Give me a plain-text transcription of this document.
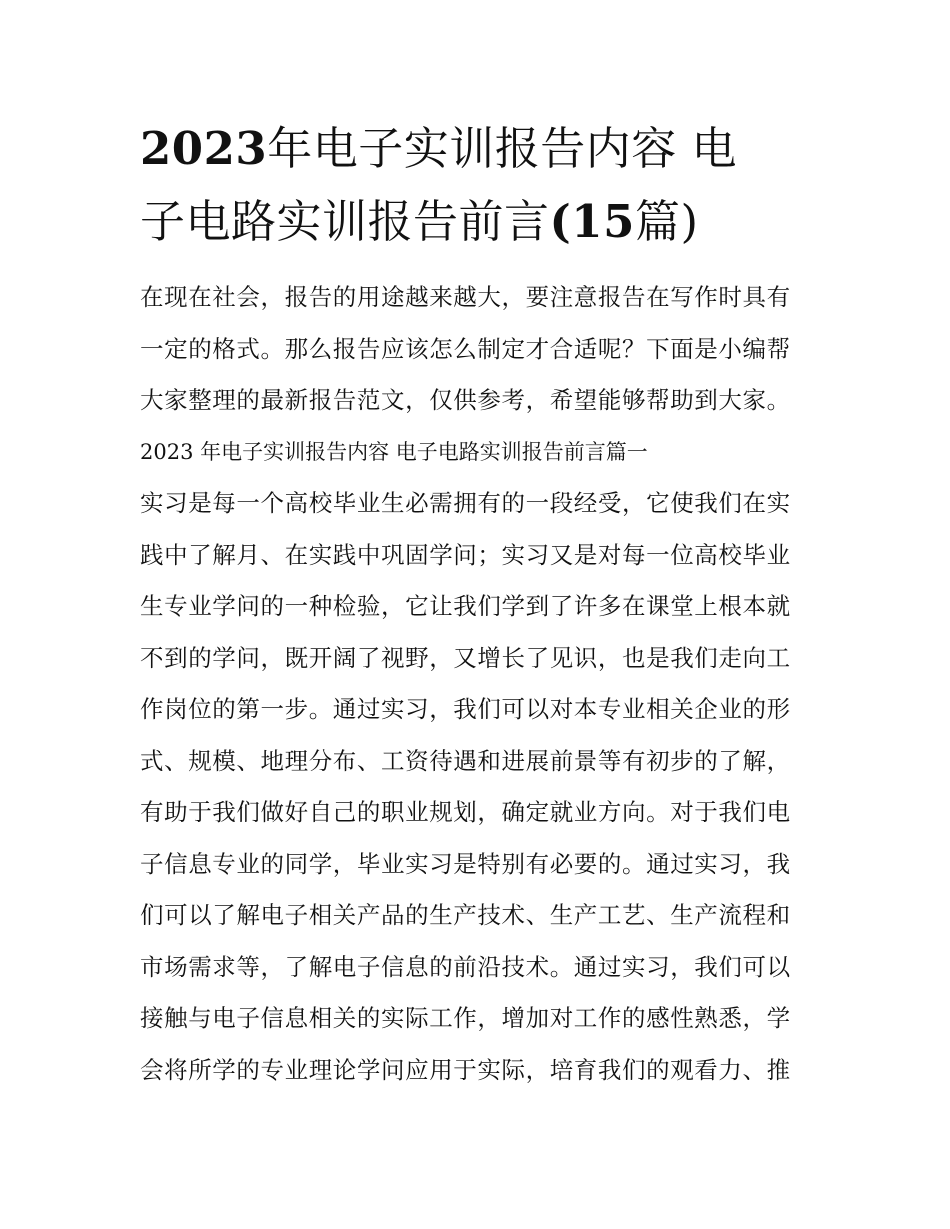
2023年电子实训报告内容 电
子电路实训报告前言(15篇)
在现在社会，报告的用途越来越大，要注意报告在写作时具有
一定的格式。那么报告应该怎么制定才合适呢？下面是小编帮
大家整理的最新报告范文，仅供参考，希望能够帮助到大家。
2023 年电子实训报告内容 电子电路实训报告前言篇一
实习是每一个高校毕业生必需拥有的一段经受，它使我们在实
践中了解月、在实践中巩固学问；实习又是对每一位高校毕业
生专业学问的一种检验，它让我们学到了许多在课堂上根本就
不到的学问，既开阔了视野，又增长了见识，也是我们走向工
作岗位的第一步。通过实习，我们可以对本专业相关企业的形
式、规模、地理分布、工资待遇和进展前景等有初步的了解，
有助于我们做好自己的职业规划，确定就业方向。对于我们电
子信息专业的同学，毕业实习是特别有必要的。通过实习，我
们可以了解电子相关产品的生产技术、生产工艺、生产流程和
市场需求等，了解电子信息的前沿技术。通过实习，我们可以
接触与电子信息相关的实际工作，增加对工作的感性熟悉，学
会将所学的专业理论学问应用于实际，培育我们的观看力、推
